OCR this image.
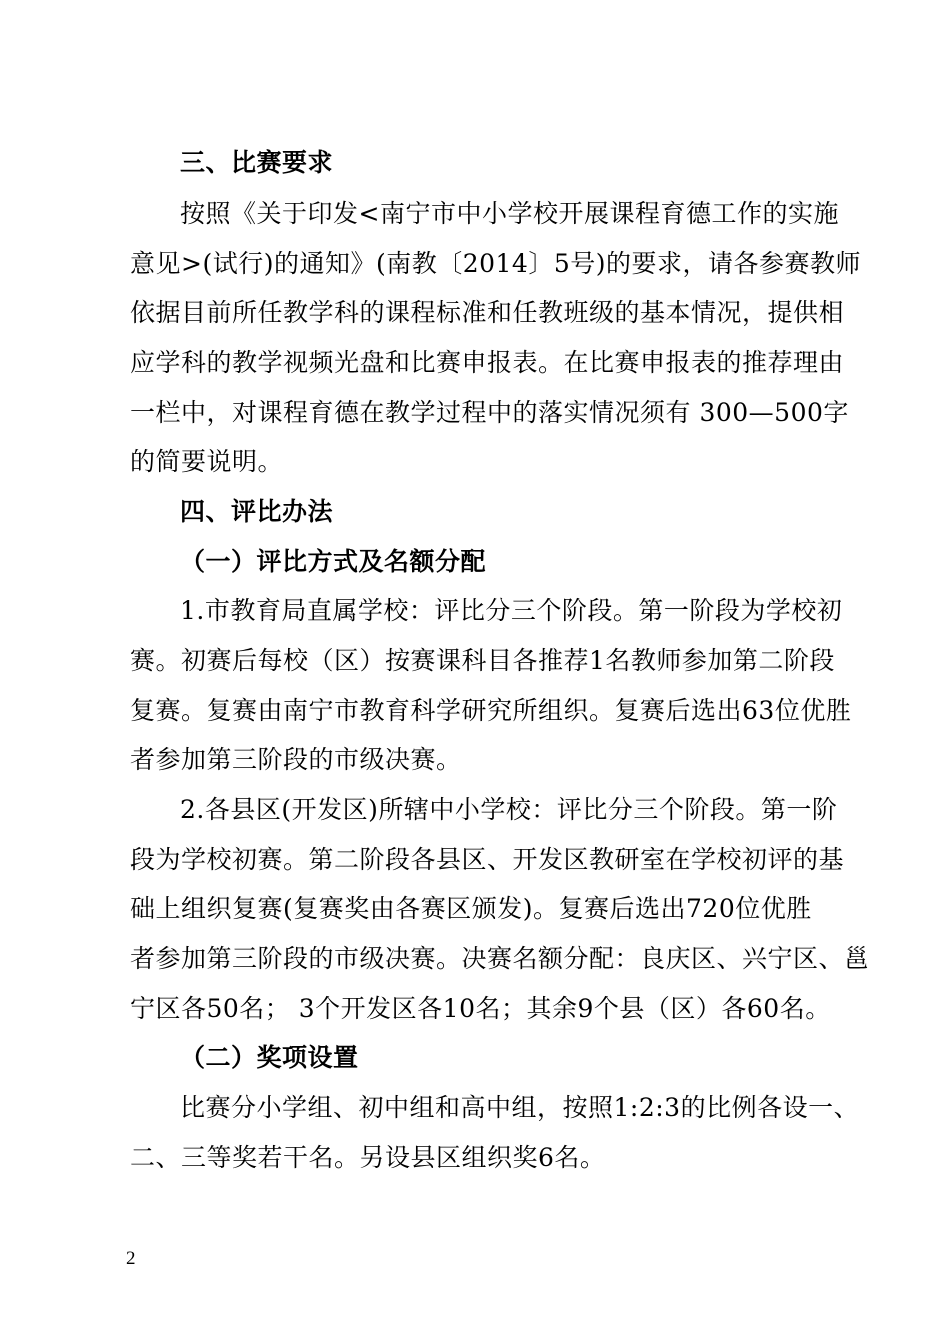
三、比赛要求
按照《关于印发<南宁市中小学校开展课程育德工作的实施
意见>(试行)的通知》(南教〔2014〕5号)的要求，请各参赛教师
依据目前所任教学科的课程标准和任教班级的基本情况，提供相
应学科的教学视频光盘和比赛申报表。在比赛申报表的推荐理由
一栏中，对课程育德在教学过程中的落实情况须有 300—500字
的简要说明。
四、评比办法
（一）评比方式及名额分配
1.市教育局直属学校：评比分三个阶段。第一阶段为学校初
赛。初赛后每校（区）按赛课科目各推荐1名教师参加第二阶段
复赛。复赛由南宁市教育科学研究所组织。复赛后选出63位优胜
者参加第三阶段的市级决赛。
2.各县区(开发区)所辖中小学校：评比分三个阶段。第一阶
段为学校初赛。第二阶段各县区、开发区教研室在学校初评的基
础上组织复赛(复赛奖由各赛区颁发)。复赛后选出720位优胜
者参加第三阶段的市级决赛。决赛名额分配：良庆区、兴宁区、邕
宁区各50名； 3个开发区各10名；其余9个县（区）各60名。
（二）奖项设置
比赛分小学组、初中组和高中组，按照1:2:3的比例各设一、
二、三等奖若干名。另设县区组织奖6名。
2
